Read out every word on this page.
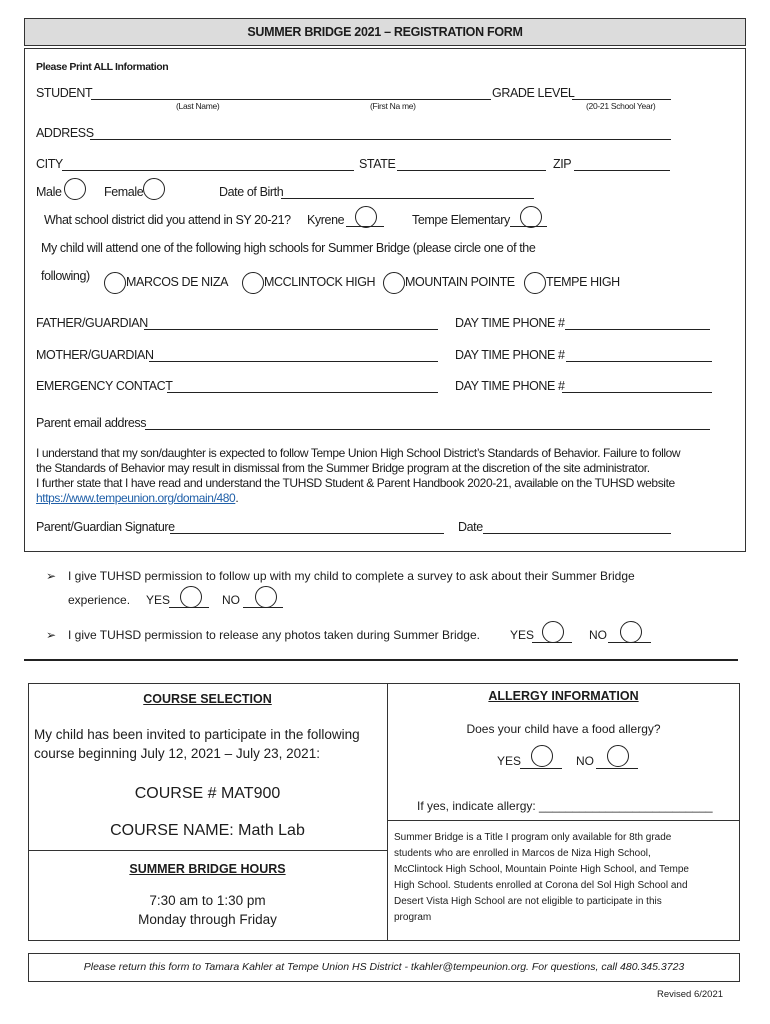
SUMMER BRIDGE 2021 – REGISTRATION FORM
Please Print ALL Information
STUDENT
(Last Name)	(First Na me)
GRADE LEVEL
(20-21 School Year)
ADDRESS
CITY	STATE	ZIP
Male	Female	Date of Birth
What school district did you attend in SY 20-21? Kyrene	Tempe Elementary
My child will attend one of the following high schools for Summer Bridge (please circle one of the
following)	MARCOS DE NIZA	MCCLINTOCK HIGH MOUNTAIN POINTE	TEMPE HIGH
FATHER/GUARDIAN	DAY TIME PHONE #
MOTHER/GUARDIAN	DAY TIME PHONE #
EMERGENCY CONTACT	DAY TIME PHONE #
Parent email address
I understand that my son/daughter is expected to follow Tempe Union High School District’s Standards of Behavior. Failure to follow
the Standards of Behavior may result in dismissal from the Summer Bridge program at the discretion of the site administrator.
I further state that I have read and understand the TUHSD Student & Parent Handbook 2020-21, available on the TUHSD website
https://www.tempeunion.org/domain/480.
Parent/Guardian Signature	Date
➢ I give TUHSD permission to follow up with my child to complete a survey to ask about their Summer Bridge
experience. YES	NO
➢ I give TUHSD permission to release any photos taken during Summer Bridge.	YES	NO
COURSE SELECTION
My child has been invited to participate in the following
course beginning July 12, 2021 – July 23, 2021:
COURSE # MAT900
COURSE NAME: Math Lab
SUMMER BRIDGE HOURS
7:30 am to 1:30 pm
Monday through Friday
ALLERGY INFORMATION
Does your child have a food allergy?
YES	NO
If yes, indicate allergy: __________________________
Summer Bridge is a Title I program only available for 8th grade
students who are enrolled in Marcos de Niza High School,
McClintock High School, Mountain Pointe High School, and Tempe
High School. Students enrolled at Corona del Sol High School and
Desert Vista High School are not eligible to participate in this
program
Please return this form to Tamara Kahler at Tempe Union HS District - tkahler@tempeunion.org. For questions, call 480.345.3723
Revised 6/2021
